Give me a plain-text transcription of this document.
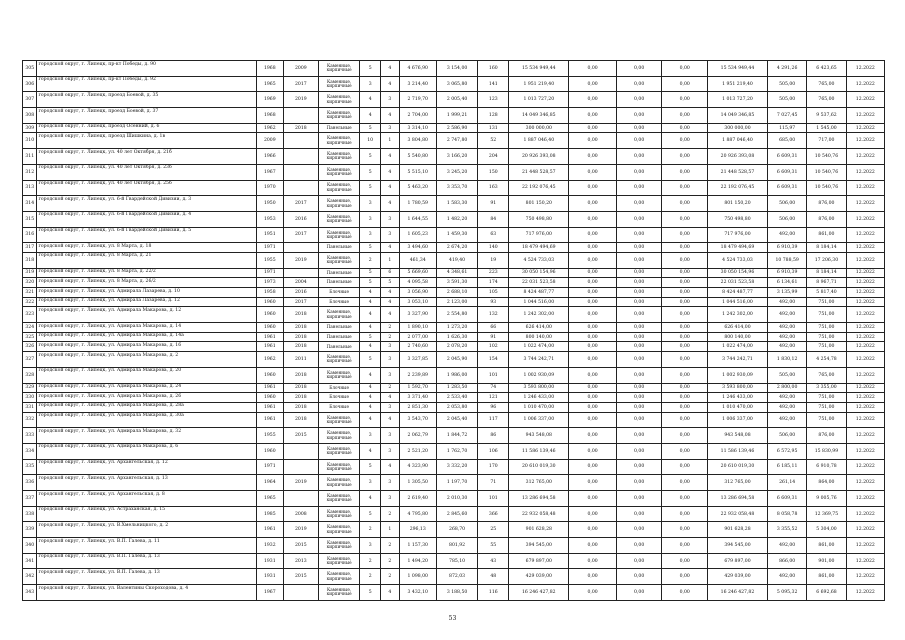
305	городской округ, г. Липецк, пр-кт Победы, д. 90	1968	2009	Каменные, кирпичные	5	4	4 676,90	3 154,00	160	15 534 949,44	0,00	0,00	0,00	15 534 949,44	4 291,26	6 423,65	12.2022
306	городской округ, г. Липецк, пр-кт Победы, д. 92	1965	2017	Каменные, кирпичные	3	4	3 214,40	3 065,80	141	1 951 219,40	0,00	0,00	0,00	1 951 219,40	505,00	765,00	12.2022
307	городской округ, г. Липецк, проезд Боевой, д. 35	1969	2019	Каменные, кирпичные	4	3	2 719,70	2 005,40	123	1 013 727,20	0,00	0,00	0,00	1 013 727,20	505,00	765,00	12.2022
308	городской округ, г. Липецк, проезд Боевой, д. 37	1968		Каменные, кирпичные	4	4	2 704,00	1 999,21	128	14 049 346,85	0,00	0,00	0,00	14 049 346,85	7 027,45	9 537,62	12.2022
309	городской округ, г. Липецк, проезд Осенний, д. 6	1962	2018	Панельные	5	3	3 314,10	2 586,90	131	300 000,00	0,00	0,00	0,00	300 000,00	115,97	1 545,00	12.2022
310	городской округ, г. Липецк, проезд Шишкина, д. 1в	2009		Каменные, кирпичные	10	1	3 804,80	2 747,80	52	1 887 046,40	0,00	0,00	0,00	1 887 046,40	685,00	717,00	12.2022
311	городской округ, г. Липецк, ул. 40 лет Октября, д. 21б	1966		Каменные, кирпичные	5	4	5 540,80	3 166,20	204	20 926 393,08	0,00	0,00	0,00	20 926 393,08	6 609,31	10 540,76	12.2022
312	городской округ, г. Липецк, ул. 40 лет Октября, д. 23б	1967		Каменные, кирпичные	5	4	5 515,10	3 245,20	150	21 448 528,57	0,00	0,00	0,00	21 448 528,57	6 609,31	10 540,76	12.2022
313	городской округ, г. Липецк, ул. 40 лет Октября, д. 25б	1970		Каменные, кирпичные	5	4	5 463,20	3 353,70	163	22 192 076,45	0,00	0,00	0,00	22 192 076,45	6 609,31	10 540,76	12.2022
314	городской округ, г. Липецк, ул. 6-й Гвардейской Дивизии, д. 3	1950	2017	Каменные, кирпичные	3	4	1 780,59	1 583,30	91	801 150,20	0,00	0,00	0,00	801 150,20	506,00	876,00	12.2022
315	городской округ, г. Липецк, ул. 6-й Гвардейской Дивизии, д. 4	1953	2016	Каменные, кирпичные	3	3	1 644,55	1 482,20	84	750 498,80	0,00	0,00	0,00	750 498,80	506,00	876,00	12.2022
316	городской округ, г. Липецк, ул. 6-й Гвардейской Дивизии, д. 5	1951	2017	Каменные, кирпичные	3	3	1 605,23	1 459,30	63	717 976,00	0,00	0,00	0,00	717 976,00	492,00	861,00	12.2022
317	городской округ, г. Липецк, ул. 8 Марта, д. 18	1971		Панельные	5	4	3 494,60	2 674,20	140	18 479 494,69	0,00	0,00	0,00	18 479 494,69	6 910,39	8 184,14	12.2022
318	городской округ, г. Липецк, ул. 8 Марта, д. 21	1955	2019	Каменные, кирпичные	2	1	461,34	419,40	19	4 524 733,03	0,00	0,00	0,00	4 524 733,03	10 788,59	17 206,30	12.2022
319	городской округ, г. Липецк, ул. 8 Марта, д. 22/2	1971		Панельные	5	6	5 669,60	4 348,61	223	30 050 154,96	0,00	0,00	0,00	30 050 154,96	6 910,39	8 184,14	12.2022
320	городской округ, г. Липецк, ул. 8 Марта, д. 26/2	1973	2004	Панельные	5	5	4 095,58	3 591,30	174	22 031 523,58	0,00	0,00	0,00	22 031 523,58	6 134,61	8 967,71	12.2022
321	городской округ, г. Липецк, ул. Адмирала Лазарева, д. 10	1958	2016	Блочные	4	4	3 056,90	2 688,10	105	8 424 487,77	0,00	0,00	0,00	8 424 487,77	3 135,99	5 817,40	12.2022
322	городской округ, г. Липецк, ул. Адмирала Лазарева, д. 12	1960	2017	Блочные	4	4	3 053,10	2 123,00	93	1 044 516,00	0,00	0,00	0,00	1 044 516,00	492,00	751,00	12.2022
323	городской округ, г. Липецк, ул. Адмирала Макарова, д. 12	1960	2018	Каменные, кирпичные	4	4	3 327,90	2 554,80	132	1 242 302,00	0,00	0,00	0,00	1 242 302,00	492,00	751,00	12.2022
324	городской округ, г. Липецк, ул. Адмирала Макарова, д. 14	1960	2018	Панельные	4	2	1 890,10	1 273,20	66	626 414,00	0,00	0,00	0,00	626 414,00	492,00	751,00	12.2022
325	городской округ, г. Липецк, ул. Адмирала Макарова, д. 14а	1961	2018	Панельные	5	2	2 077,00	1 626,30	91	800 140,00	0,00	0,00	0,00	800 140,00	492,00	751,00	12.2022
326	городской округ, г. Липецк, ул. Адмирала Макарова, д. 16	1961	2018	Панельные	4	3	2 740,60	2 078,20	102	1 022 474,00	0,00	0,00	0,00	1 022 474,00	492,00	751,00	12.2022
327	городской округ, г. Липецк, ул. Адмирала Макарова, д. 2	1962	2011	Каменные, кирпичные	5	3	3 327,85	2 045,90	154	3 744 242,71	0,00	0,00	0,00	3 744 242,71	1 830,12	4 254,78	12.2022
328	городской округ, г. Липецк, ул. Адмирала Макарова, д. 20	1960	2018	Каменные, кирпичные	4	3	2 239,89	1 986,00	101	1 002 930,09	0,00	0,00	0,00	1 002 930,09	505,00	765,00	12.2022
329	городской округ, г. Липецк, ул. Адмирала Макарова, д. 24	1961	2018	Блочные	4	2	1 592,70	1 283,50	74	3 593 800,00	0,00	0,00	0,00	3 593 800,00	2 800,00	3 355,00	12.2022
330	городской округ, г. Липецк, ул. Адмирала Макарова, д. 26	1960	2018	Блочные	4	4	3 371,40	2 533,40	121	1 246 433,00	0,00	0,00	0,00	1 246 433,00	492,00	751,00	12.2022
331	городской округ, г. Липецк, ул. Адмирала Макарова, д. 28а	1961	2018	Блочные	4	3	2 851,30	2 053,80	96	1 010 470,00	0,00	0,00	0,00	1 010 470,00	492,00	751,00	12.2022
332	городской округ, г. Липецк, ул. Адмирала Макарова, д. 30а	1961	2018	Каменные, кирпичные	4	4	3 543,70	2 045,40	117	1 006 337,00	0,00	0,00	0,00	1 006 337,00	492,00	751,00	12.2022
333	городской округ, г. Липецк, ул. Адмирала Макарова, д. 32	1955	2015	Каменные, кирпичные	3	3	2 062,79	1 844,72	86	943 548,08	0,00	0,00	0,00	943 548,08	506,00	876,00	12.2022
334	городской округ, г. Липецк, ул. Адмирала Макарова, д. 6	1960		Каменные, кирпичные	4	3	2 521,20	1 762,70	106	11 586 139,46	0,00	0,00	0,00	11 586 139,46	6 572,95	15 830,99	12.2022
335	городской округ, г. Липецк, ул. Архангельская, д. 12	1971		Каменные, кирпичные	5	4	4 323,90	3 332,20	170	20 610 019,30	0,00	0,00	0,00	20 610 019,30	6 185,11	6 910,78	12.2022
336	городской округ, г. Липецк, ул. Архангельская, д. 13	1964	2019	Каменные, кирпичные	3	3	1 305,50	1 197,70	71	312 765,00	0,00	0,00	0,00	312 765,00	261,14	864,00	12.2022
337	городской округ, г. Липецк, ул. Архангельская, д. 8	1965		Каменные, кирпичные	4	3	2 619,40	2 010,30	101	13 286 694,58	0,00	0,00	0,00	13 286 694,58	6 609,31	9 005,76	12.2022
338	городской округ, г. Липецк, ул. Астраханская, д. 15	1985	2008	Каменные, кирпичные	5	2	4 795,80	2 845,60	366	22 932 058,48	0,00	0,00	0,00	22 932 058,48	8 058,78	12 369,75	12.2022
339	городской округ, г. Липецк, ул. В.Хмельницкого, д. 2	1961	2019	Каменные, кирпичные	2	1	296,13	268,70	25	901 628,28	0,00	0,00	0,00	901 628,28	3 355,52	5 304,00	12.2022
340	городской округ, г. Липецк, ул. В.П. Галева, д. 11	1932	2015	Каменные, кирпичные	3	2	1 157,30	801,92	55	394 545,00	0,00	0,00	0,00	394 545,00	492,00	861,00	12.2022
341	городской округ, г. Липецк, ул. В.П. Галева, д. 13	1931	2013	Каменные, кирпичные	2	2	1 494,20	785,10	43	679 897,00	0,00	0,00	0,00	679 897,00	866,00	901,00	12.2022
342	городской округ, г. Липецк, ул. В.П. Галева, д. 13	1931	2015	Каменные, кирпичные	2	2	1 098,00	872,03	48	429 039,00	0,00	0,00	0,00	429 039,00	492,00	861,00	12.2022
343	городской округ, г. Липецк, ул. Валентины Скороходова, д. 4	1967		Каменные, кирпичные	5	4	3 432,10	3 188,50	116	16 246 427,82	0,00	0,00	0,00	16 246 427,82	5 095,32	6 692,68	12.2022
53
